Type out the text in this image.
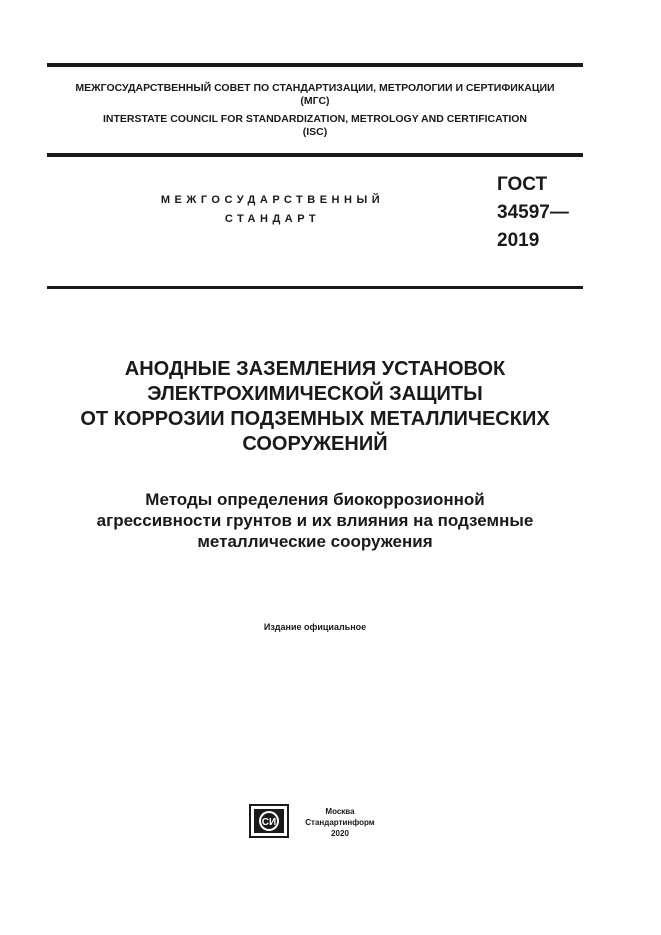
МЕЖГОСУДАРСТВЕННЫЙ СОВЕТ ПО СТАНДАРТИЗАЦИИ, МЕТРОЛОГИИ И СЕРТИФИКАЦИИ
(МГС)
INTERSTATE COUNCIL FOR STANDARDIZATION, METROLOGY AND CERTIFICATION
(ISC)
МЕЖГОСУДАРСТВЕННЫЙ
СТАНДАРТ
ГОСТ
34597—
2019
АНОДНЫЕ ЗАЗЕМЛЕНИЯ УСТАНОВОК
ЭЛЕКТРОХИМИЧЕСКОЙ ЗАЩИТЫ
ОТ КОРРОЗИИ ПОДЗЕМНЫХ МЕТАЛЛИЧЕСКИХ
СООРУЖЕНИЙ
Методы определения биокоррозионной
агрессивности грунтов и их влияния на подземные
металлические сооружения
Издание официальное
СИ
Москва
Стандартинформ
2020
